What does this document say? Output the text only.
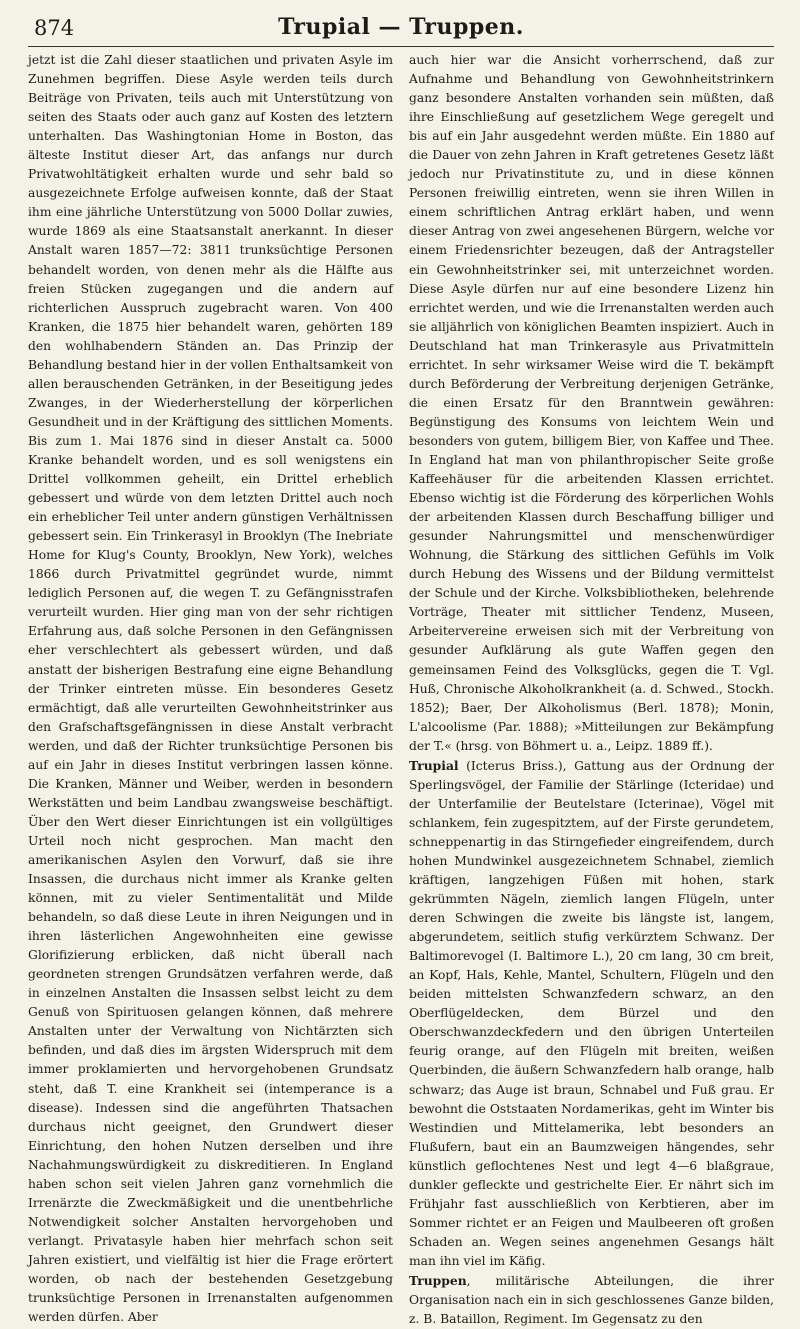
874	Trupial — Truppen.

jetzt ist die Zahl dieser staatlichen und privaten Asyle im Zunehmen begriffen. Diese Asyle werden teils durch Beiträge von Privaten, teils auch mit Unterstützung von seiten des Staats oder auch ganz auf Kosten des letztern unterhalten. Das Washingtonian Home in Boston, das älteste Institut dieser Art, das anfangs nur durch Privatwohltätigkeit erhalten wurde und sehr bald so ausgezeichnete Erfolge aufweisen konnte, daß der Staat ihm eine jährliche Unterstützung von 5000 Dollar zuwies, wurde 1869 als eine Staatsanstalt anerkannt. In dieser Anstalt waren 1857—72: 3811 trunksüchtige Personen behandelt worden, von denen mehr als die Hälfte aus freien Stücken zugegangen und die andern auf richterlichen Ausspruch zugebracht waren. Von 400 Kranken, die 1875 hier behandelt waren, gehörten 189 den wohlhabendern Ständen an. Das Prinzip der Behandlung bestand hier in der vollen Enthaltsamkeit von allen berauschenden Getränken, in der Beseitigung jedes Zwanges, in der Wiederherstellung der körperlichen Gesundheit und in der Kräftigung des sittlichen Moments. Bis zum 1. Mai 1876 sind in dieser Anstalt ca. 5000 Kranke behandelt worden, und es soll wenigstens ein Drittel vollkommen geheilt, ein Drittel erheblich gebessert und würde von dem letzten Drittel auch noch ein erheblicher Teil unter andern günstigen Verhältnissen gebessert sein. Ein Trinkerasyl in Brooklyn (The Inebriate Home for Klug's County, Brooklyn, New York), welches 1866 durch Privatmittel gegründet wurde, nimmt lediglich Personen auf, die wegen T. zu Gefängnisstrafen verurteilt wurden. Hier ging man von der sehr richtigen Erfahrung aus, daß solche Personen in den Gefängnissen eher verschlechtert als gebessert würden, und daß anstatt der bisherigen Bestrafung eine eigne Behandlung der Trinker eintreten müsse. Ein besonderes Gesetz ermächtigt, daß alle verurteilten Gewohnheitstrinker aus den Grafschaftsgefängnissen in diese Anstalt verbracht werden, und daß der Richter trunksüchtige Personen bis auf ein Jahr in dieses Institut verbringen lassen könne. Die Kranken, Männer und Weiber, werden in besondern Werkstätten und beim Landbau zwangsweise beschäftigt. Über den Wert dieser Einrichtungen ist ein vollgültiges Urteil noch nicht gesprochen. Man macht den amerikanischen Asylen den Vorwurf, daß sie ihre Insassen, die durchaus nicht immer als Kranke gelten können, mit zu vieler Sentimentalität und Milde behandeln, so daß diese Leute in ihren Neigungen und in ihren lästerlichen Angewohnheiten eine gewisse Glorifizierung erblicken, daß nicht überall nach geordneten strengen Grundsätzen verfahren werde, daß in einzelnen Anstalten die Insassen selbst leicht zu dem Genuß von Spirituosen gelangen können, daß mehrere Anstalten unter der Verwaltung von Nichtärzten sich befinden, und daß dies im ärgsten Widerspruch mit dem immer proklamierten und hervorgehobenen Grundsatz steht, daß T. eine Krankheit sei (intemperance is a disease). Indessen sind die angeführten Thatsachen durchaus nicht geeignet, den Grundwert dieser Einrichtung, den hohen Nutzen derselben und ihre Nachahmungswürdigkeit zu diskreditieren. In England haben schon seit vielen Jahren ganz vornehmlich die Irrenärzte die Zweckmäßigkeit und die unentbehrliche Notwendigkeit solcher Anstalten hervorgehoben und verlangt. Privatasyle haben hier mehrfach schon seit Jahren existiert, und vielfältig ist hier die Frage erörtert worden, ob nach der bestehenden Gesetzgebung trunksüchtige Personen in Irrenanstalten aufgenommen werden dürfen. Aber

auch hier war die Ansicht vorherrschend, daß zur Aufnahme und Behandlung von Gewohnheitstrinkern ganz besondere Anstalten vorhanden sein müßten, daß ihre Einschließung auf gesetzlichem Wege geregelt und bis auf ein Jahr ausgedehnt werden müßte. Ein 1880 auf die Dauer von zehn Jahren in Kraft getretenes Gesetz läßt jedoch nur Privatinstitute zu, und in diese können Personen freiwillig eintreten, wenn sie ihren Willen in einem schriftlichen Antrag erklärt haben, und wenn dieser Antrag von zwei angesehenen Bürgern, welche vor einem Friedensrichter bezeugen, daß der Antragsteller ein Gewohnheitstrinker sei, mit unterzeichnet worden. Diese Asyle dürfen nur auf eine besondere Lizenz hin errichtet werden, und wie die Irrenanstalten werden auch sie alljährlich von königlichen Beamten inspiziert. Auch in Deutschland hat man Trinkerasyle aus Privatmitteln errichtet. In sehr wirksamer Weise wird die T. bekämpft durch Beförderung der Verbreitung derjenigen Getränke, die einen Ersatz für den Branntwein gewähren: Begünstigung des Konsums von leichtem Wein und besonders von gutem, billigem Bier, von Kaffee und Thee. In England hat man von philanthropischer Seite große Kaffeehäuser für die arbeitenden Klassen errichtet. Ebenso wichtig ist die Förderung des körperlichen Wohls der arbeitenden Klassen durch Beschaffung billiger und gesunder Nahrungsmittel und menschenwürdiger Wohnung, die Stärkung des sittlichen Gefühls im Volk durch Hebung des Wissens und der Bildung vermittelst der Schule und der Kirche. Volksbibliotheken, belehrende Vorträge, Theater mit sittlicher Tendenz, Museen, Arbeitervereine erweisen sich mit der Verbreitung von gesunder Aufklärung als gute Waffen gegen den gemeinsamen Feind des Volksglücks, gegen die T. Vgl. Huß, Chronische Alkoholkrankheit (a. d. Schwed., Stockh. 1852); Baer, Der Alkoholismus (Berl. 1878); Monin, L'alcoolisme (Par. 1888); »Mitteilungen zur Bekämpfung der T.« (hrsg. von Böhmert u. a., Leipz. 1889 ff.).

Trupial (Icterus Briss.), Gattung aus der Ordnung der Sperlingsvögel, der Familie der Stärlinge (Icteridae) und der Unterfamilie der Beutelstare (Icterinae), Vögel mit schlankem, fein zugespitztem, auf der Firste gerundetem, schneppenartig in das Stirngefieder eingreifendem, durch hohen Mundwinkel ausgezeichnetem Schnabel, ziemlich kräftigen, langzehigen Füßen mit hohen, stark gekrümmten Nägeln, ziemlich langen Flügeln, unter deren Schwingen die zweite bis längste ist, langem, abgerundetem, seitlich stufig verkürztem Schwanz. Der Baltimorevogel (I. Baltimore L.), 20 cm lang, 30 cm breit, an Kopf, Hals, Kehle, Mantel, Schultern, Flügeln und den beiden mittelsten Schwanzfedern schwarz, an den Oberflügeldecken, dem Bürzel und den Oberschwanzdeckfedern und den übrigen Unterteilen feurig orange, auf den Flügeln mit breiten, weißen Querbinden, die äußern Schwanzfedern halb orange, halb schwarz; das Auge ist braun, Schnabel und Fuß grau. Er bewohnt die Oststaaten Nordamerikas, geht im Winter bis Westindien und Mittelamerika, lebt besonders an Flußufern, baut ein an Baumzweigen hängendes, sehr künstlich geflochtenes Nest und legt 4—6 blaßgraue, dunkler gefleckte und gestrichelte Eier. Er nährt sich im Frühjahr fast ausschließlich von Kerbtieren, aber im Sommer richtet er an Feigen und Maulbeeren oft großen Schaden an. Wegen seines angenehmen Gesangs hält man ihn viel im Käfig.

Truppen, militärische Abteilungen, die ihrer Organisation nach ein in sich geschlossenes Ganze bilden, z. B. Bataillon, Regiment. Im Gegensatz zu den
